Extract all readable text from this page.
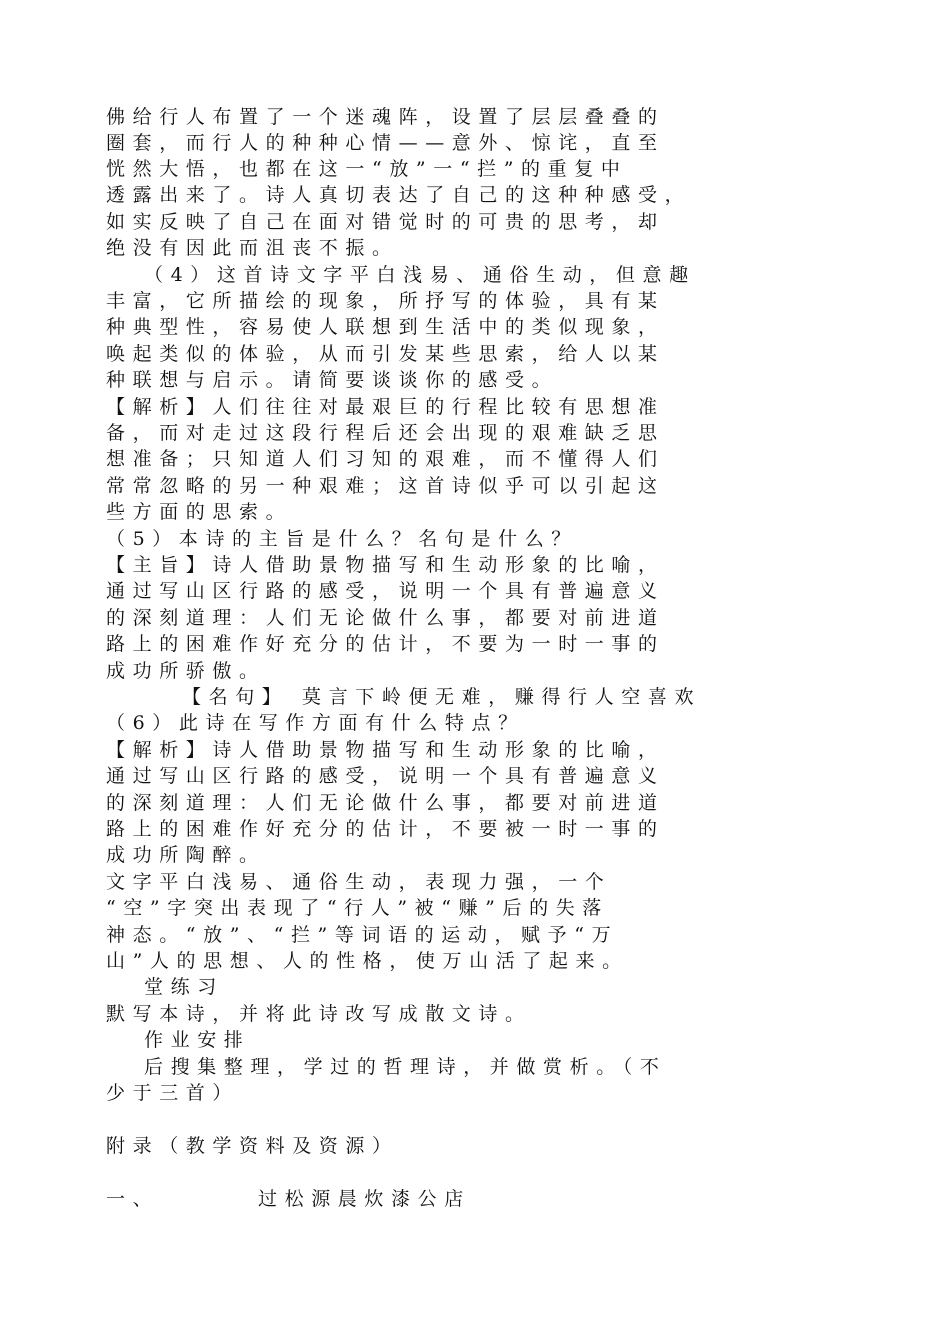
佛给行人布置了一个迷魂阵，设置了层层叠叠的
圈套，而行人的种种心情——意外、惊诧，直至
恍然大悟，也都在这一“放”一“拦”的重复中
透露出来了。诗人真切表达了自己的这种种感受，
如实反映了自己在面对错觉时的可贵的思考，却
绝没有因此而沮丧不振。
（4）这首诗文字平白浅易、通俗生动，但意趣
丰富，它所描绘的现象，所抒写的体验，具有某
种典型性，容易使人联想到生活中的类似现象，
唤起类似的体验，从而引发某些思索，给人以某
种联想与启示。请简要谈谈你的感受。
【解析】人们往往对最艰巨的行程比较有思想准
备，而对走过这段行程后还会出现的艰难缺乏思
想准备；只知道人们习知的艰难，而不懂得人们
常常忽略的另一种艰难；这首诗似乎可以引起这
些方面的思索。
（5）本诗的主旨是什么？名句是什么？
【主旨】诗人借助景物描写和生动形象的比喻，
通过写山区行路的感受，说明一个具有普遍意义
的深刻道理：人们无论做什么事，都要对前进道
路上的困难作好充分的估计，不要为一时一事的
成功所骄傲。
【名句】 莫言下岭便无难，赚得行人空喜欢
（6）此诗在写作方面有什么特点？
【解析】诗人借助景物描写和生动形象的比喻，
通过写山区行路的感受，说明一个具有普遍意义
的深刻道理：人们无论做什么事，都要对前进道
路上的困难作好充分的估计，不要被一时一事的
成功所陶醉。
文字平白浅易、通俗生动，表现力强，一个
“空”字突出表现了“行人”被“赚”后的失落
神态。“放”、“拦”等词语的运动，赋予“万
山”人的思想、人的性格，使万山活了起来。
堂练习
默写本诗，并将此诗改写成散文诗。
作业安排
后搜集整理，学过的哲理诗，并做赏析。（不
少于三首）
附录（教学资料及资源）
一、	过松源晨炊漆公店
